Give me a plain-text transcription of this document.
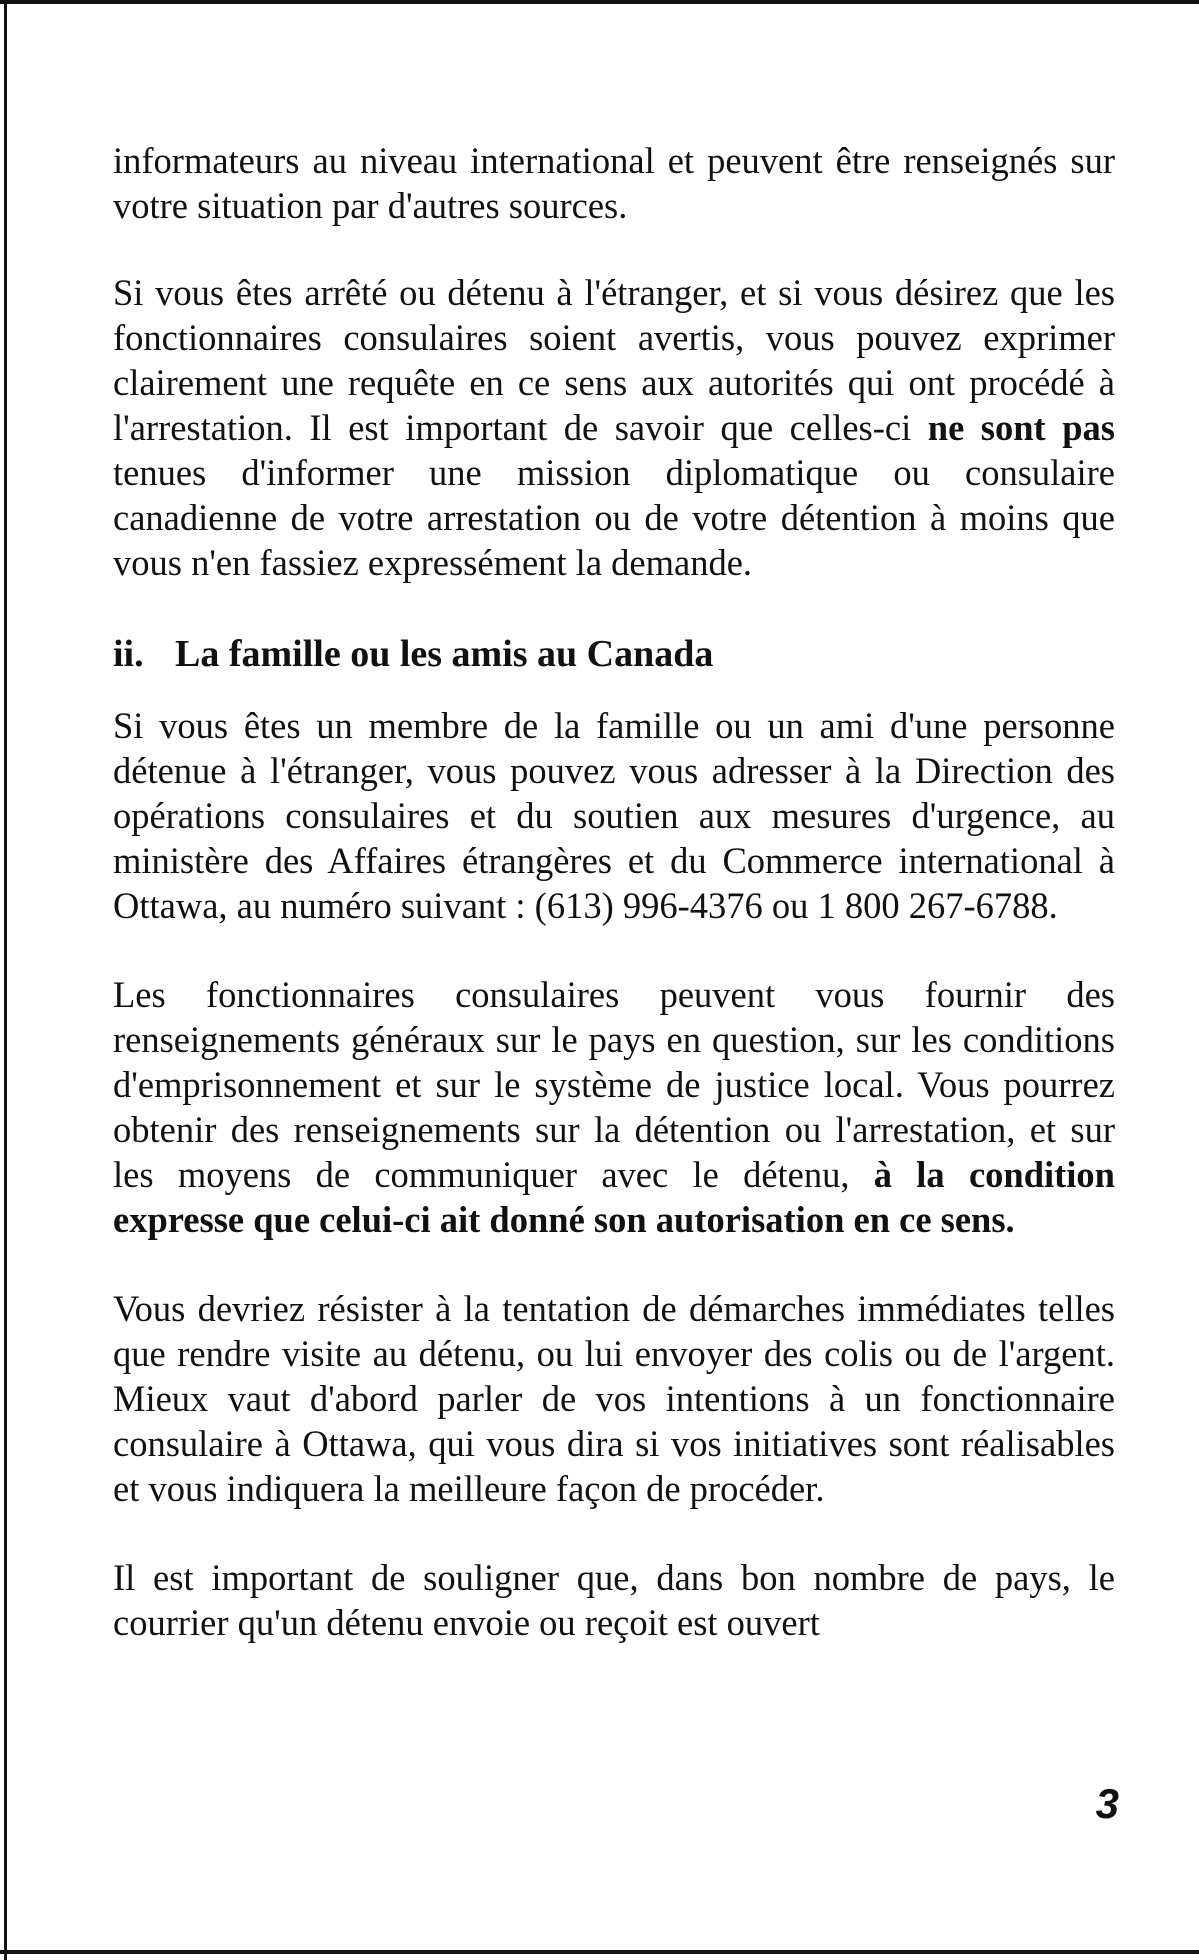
informateurs au niveau international et peuvent être renseignés sur votre situation par d'autres sources.

Si vous êtes arrêté ou détenu à l'étranger, et si vous désirez que les fonctionnaires consulaires soient avertis, vous pouvez exprimer clairement une requête en ce sens aux autorités qui ont procédé à l'arrestation. Il est important de savoir que celles-ci ne sont pas tenues d'informer une mission diplomatique ou consulaire canadienne de votre arrestation ou de votre détention à moins que vous n'en fassiez expressément la demande.

ii. La famille ou les amis au Canada

Si vous êtes un membre de la famille ou un ami d'une personne détenue à l'étranger, vous pouvez vous adresser à la Direction des opérations consulaires et du soutien aux mesures d'urgence, au ministère des Affaires étrangères et du Commerce international à Ottawa, au numéro suivant : (613) 996-4376 ou 1 800 267-6788.

Les fonctionnaires consulaires peuvent vous fournir des renseignements généraux sur le pays en question, sur les conditions d'emprisonnement et sur le système de justice local. Vous pourrez obtenir des renseignements sur la détention ou l'arrestation, et sur les moyens de communiquer avec le détenu, à la condition expresse que celui-ci ait donné son autorisation en ce sens.

Vous devriez résister à la tentation de démarches immédiates telles que rendre visite au détenu, ou lui envoyer des colis ou de l'argent. Mieux vaut d'abord parler de vos intentions à un fonctionnaire consulaire à Ottawa, qui vous dira si vos initiatives sont réalisables et vous indiquera la meilleure façon de procéder.

Il est important de souligner que, dans bon nombre de pays, le courrier qu'un détenu envoie ou reçoit est ouvert

3
